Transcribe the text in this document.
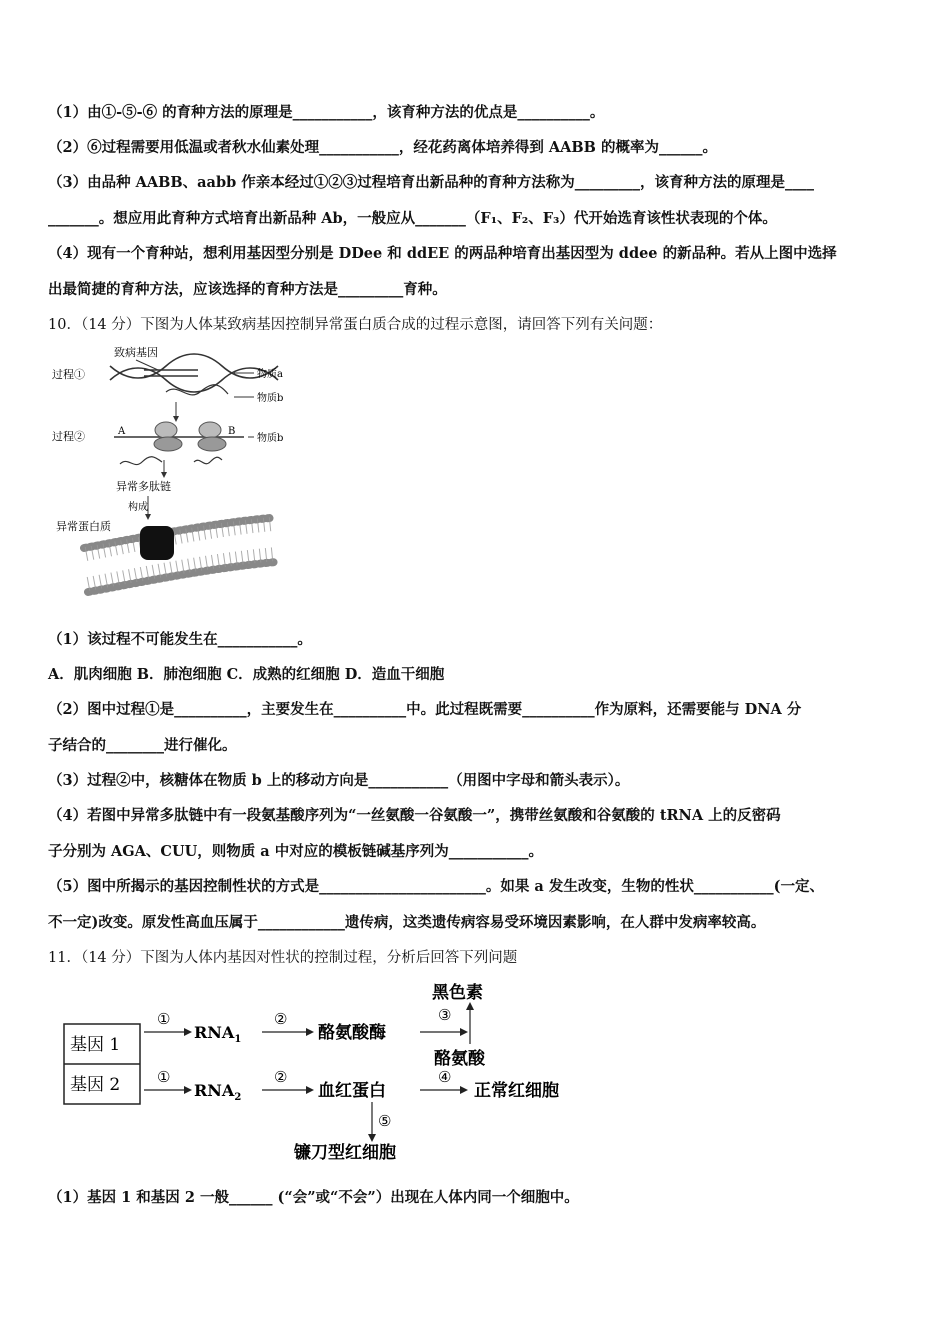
（1）由①-⑤-⑥ 的育种方法的原理是___________，该育种方法的优点是__________。
（2）⑥过程需要用低温或者秋水仙素处理___________，经花药离体培养得到 AABB 的概率为______。
（3）由品种 AABB、aabb 作亲本经过①②③过程培育出新品种的育种方法称为_________，该育种方法的原理是____
_______。想应用此育种方式培育出新品种 Ab，一般应从_______（F₁、F₂、F₃）代开始选育该性状表现的个体。
（4）现有一个育种站，想利用基因型分别是 DDee 和 ddEE 的两品种培育出基因型为 ddee 的新品种。若从上图中选择
出最简捷的育种方法，应该选择的育种方法是_________育种。
10．（14 分）下图为人体某致病基因控制异常蛋白质合成的过程示意图，请回答下列有关问题：
致病基因
过程①	物质a
物质b
过程②	A	B
物质b
异常多肽链
构成
异常蛋白质
（1）该过程不可能发生在___________。
A．肌肉细胞 B．肺泡细胞 C．成熟的红细胞 D．造血干细胞
（2）图中过程①是__________，主要发生在__________中。此过程既需要__________作为原料，还需要能与 DNA 分
子结合的________进行催化。
（3）过程②中，核糖体在物质 b 上的移动方向是___________（用图中字母和箭头表示）。
（4）若图中异常多肽链中有一段氨基酸序列为“一丝氨酸一谷氨酸一”，携带丝氨酸和谷氨酸的 tRNA 上的反密码
子分别为 AGA、CUU，则物质 a 中对应的模板链碱基序列为___________。
（5）图中所揭示的基因控制性状的方式是_______________________。如果 a 发生改变，生物的性状___________(一定、
不一定)改变。原发性高血压属于____________遗传病，这类遗传病容易受环境因素影响，在人群中发病率较高。
11．（14 分）下图为人体内基因对性状的控制过程，分析后回答下列问题
基因 1
基因 2
①
$RNA_1$
②
酪氨酸酶
③
黑色素
酪氨酸
①
$RNA_2$
②
血红蛋白
④
正常红细胞
⑤
镰刀型红细胞
（1）基因 1 和基因 2 一般______ (“会”或“不会”）出现在人体内同一个细胞中。
